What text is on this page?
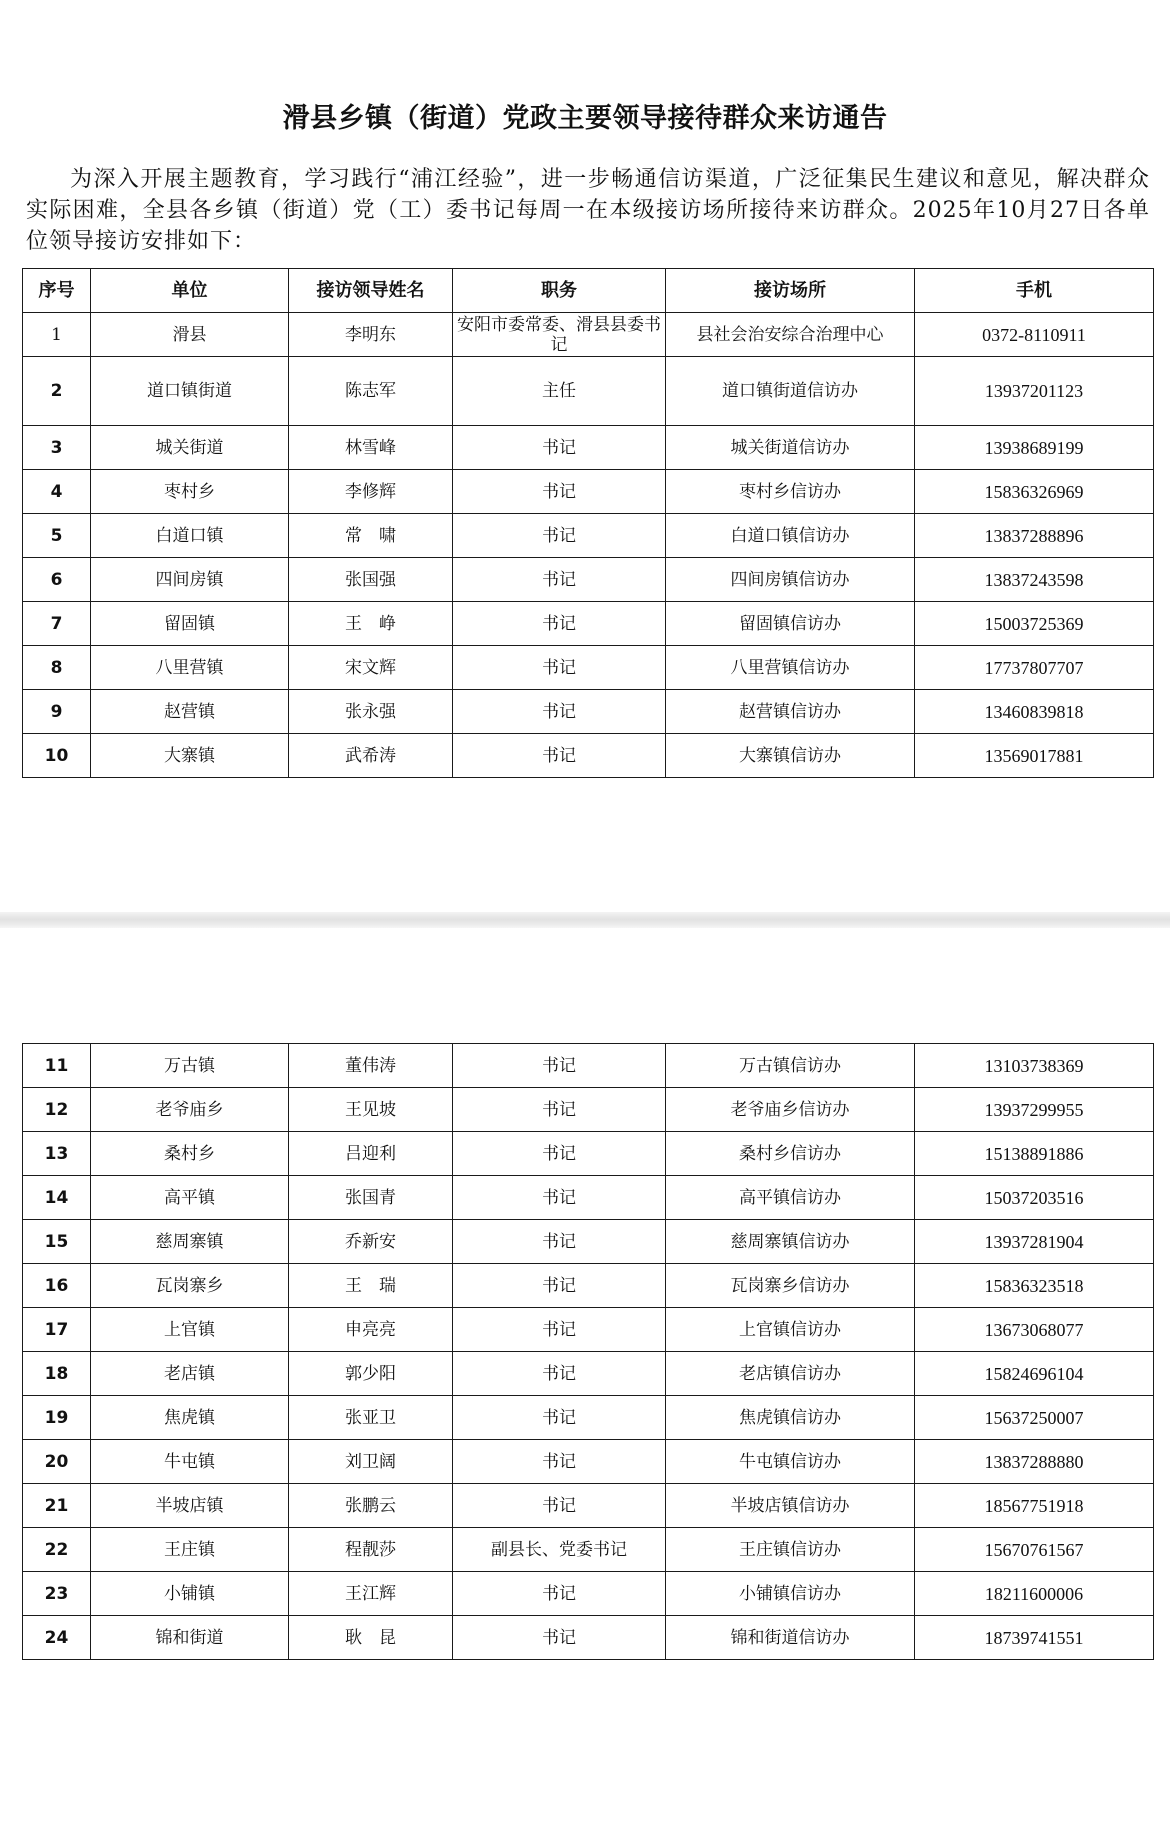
滑县乡镇（街道）党政主要领导接待群众来访通告
为深入开展主题教育，学习践行“浦江经验”，进一步畅通信访渠道，广泛征集民生建议和意见，解决群众实际困难，全县各乡镇（街道）党（工）委书记每周一在本级接访场所接待来访群众。2025年10月27日各单位领导接访安排如下：
序号	单位	接访领导姓名	职务	接访场所	手机
1	滑县	李明东	安阳市委常委、滑县县委书记	县社会治安综合治理中心	0372-8110911
2	道口镇街道	陈志军	主任	道口镇街道信访办	13937201123
3	城关街道	林雪峰	书记	城关街道信访办	13938689199
4	枣村乡	李修辉	书记	枣村乡信访办	15836326969
5	白道口镇	常　啸	书记	白道口镇信访办	13837288896
6	四间房镇	张国强	书记	四间房镇信访办	13837243598
7	留固镇	王　峥	书记	留固镇信访办	15003725369
8	八里营镇	宋文辉	书记	八里营镇信访办	17737807707
9	赵营镇	张永强	书记	赵营镇信访办	13460839818
10	大寨镇	武希涛	书记	大寨镇信访办	13569017881
11	万古镇	董伟涛	书记	万古镇信访办	13103738369
12	老爷庙乡	王见坡	书记	老爷庙乡信访办	13937299955
13	桑村乡	吕迎利	书记	桑村乡信访办	15138891886
14	高平镇	张国青	书记	高平镇信访办	15037203516
15	慈周寨镇	乔新安	书记	慈周寨镇信访办	13937281904
16	瓦岗寨乡	王　瑞	书记	瓦岗寨乡信访办	15836323518
17	上官镇	申亮亮	书记	上官镇信访办	13673068077
18	老店镇	郭少阳	书记	老店镇信访办	15824696104
19	焦虎镇	张亚卫	书记	焦虎镇信访办	15637250007
20	牛屯镇	刘卫阔	书记	牛屯镇信访办	13837288880
21	半坡店镇	张鹏云	书记	半坡店镇信访办	18567751918
22	王庄镇	程靓莎	副县长、党委书记	王庄镇信访办	15670761567
23	小铺镇	王江辉	书记	小铺镇信访办	18211600006
24	锦和街道	耿　昆	书记	锦和街道信访办	18739741551
